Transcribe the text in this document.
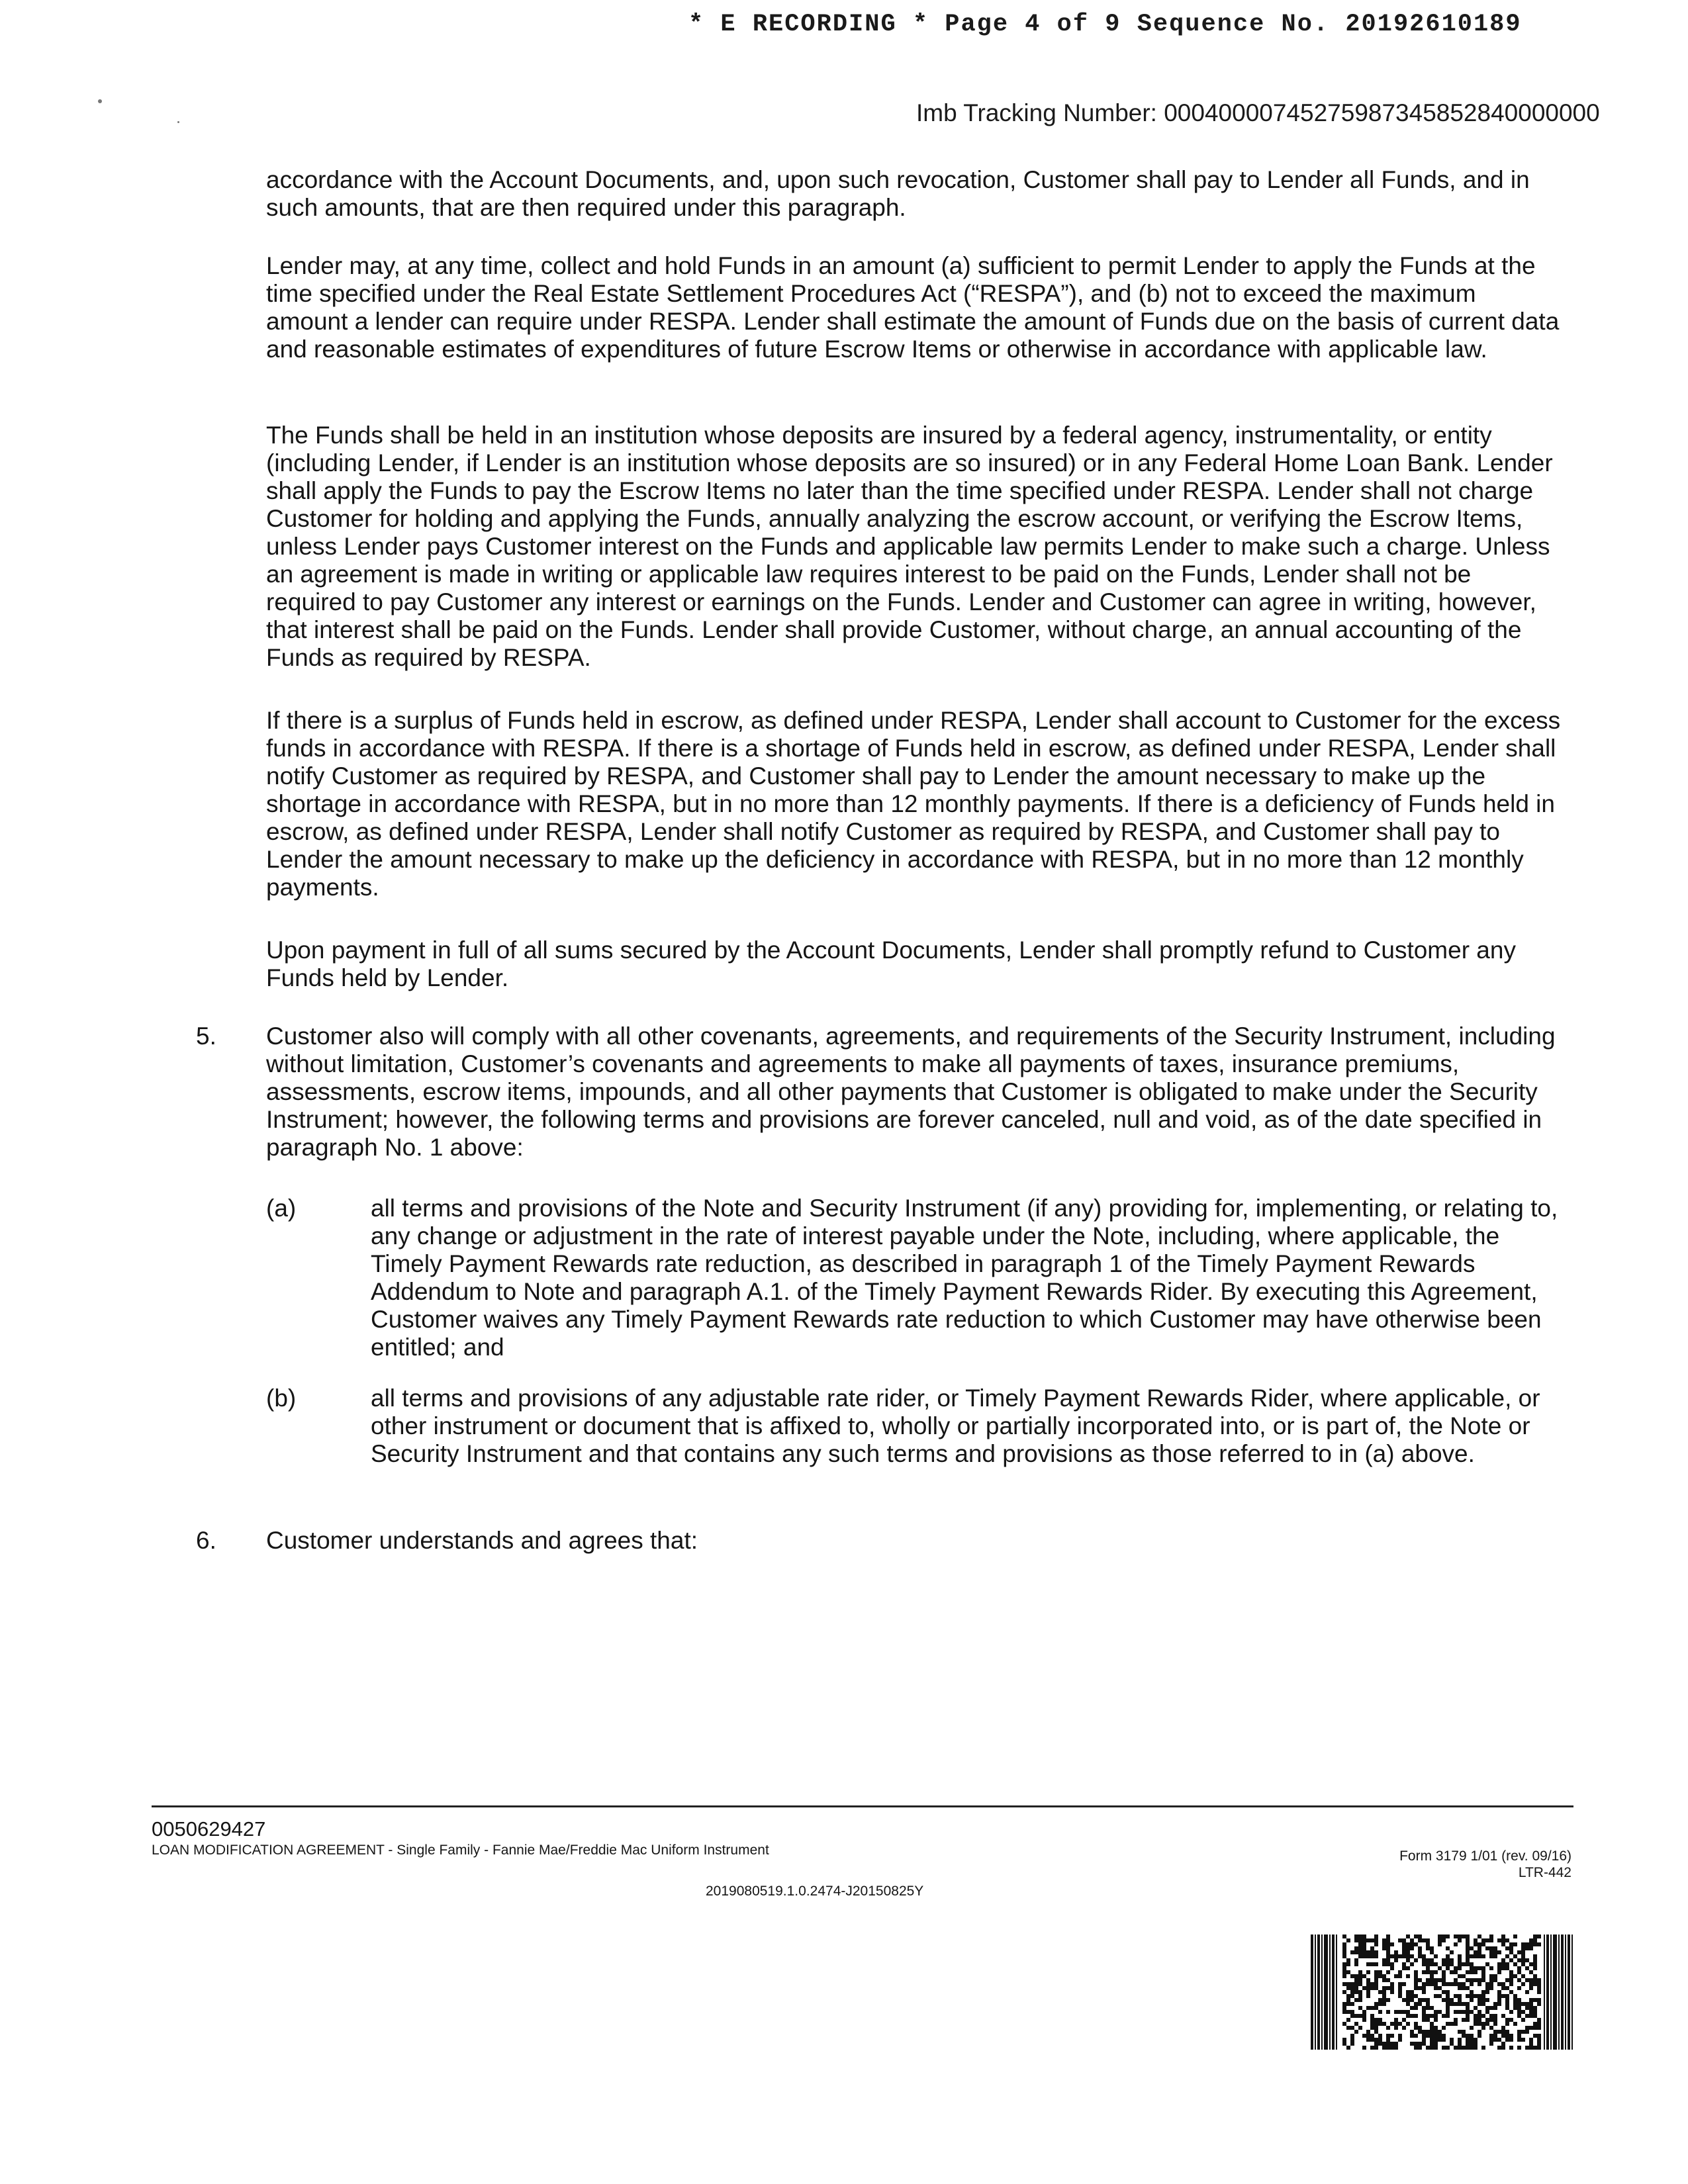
* E RECORDING * Page 4 of 9 Sequence No. 20192610189
Imb Tracking Number: 00040000745275987345852840000000
accordance with the Account Documents, and, upon such revocation, Customer shall pay to Lender all Funds, and in such amounts, that are then required under this paragraph.
Lender may, at any time, collect and hold Funds in an amount (a) sufficient to permit Lender to apply the Funds at the time specified under the Real Estate Settlement Procedures Act (“RESPA”), and (b) not to exceed the maximum amount a lender can require under RESPA. Lender shall estimate the amount of Funds due on the basis of current data and reasonable estimates of expenditures of future Escrow Items or otherwise in accordance with applicable law.
The Funds shall be held in an institution whose deposits are insured by a federal agency, instrumentality, or entity (including Lender, if Lender is an institution whose deposits are so insured) or in any Federal Home Loan Bank. Lender shall apply the Funds to pay the Escrow Items no later than the time specified under RESPA. Lender shall not charge Customer for holding and applying the Funds, annually analyzing the escrow account, or verifying the Escrow Items, unless Lender pays Customer interest on the Funds and applicable law permits Lender to make such a charge. Unless an agreement is made in writing or applicable law requires interest to be paid on the Funds, Lender shall not be required to pay Customer any interest or earnings on the Funds. Lender and Customer can agree in writing, however, that interest shall be paid on the Funds. Lender shall provide Customer, without charge, an annual accounting of the Funds as required by RESPA.
If there is a surplus of Funds held in escrow, as defined under RESPA, Lender shall account to Customer for the excess funds in accordance with RESPA. If there is a shortage of Funds held in escrow, as defined under RESPA, Lender shall notify Customer as required by RESPA, and Customer shall pay to Lender the amount necessary to make up the shortage in accordance with RESPA, but in no more than 12 monthly payments. If there is a deficiency of Funds held in escrow, as defined under RESPA, Lender shall notify Customer as required by RESPA, and Customer shall pay to Lender the amount necessary to make up the deficiency in accordance with RESPA, but in no more than 12 monthly payments.
Upon payment in full of all sums secured by the Account Documents, Lender shall promptly refund to Customer any Funds held by Lender.
5. Customer also will comply with all other covenants, agreements, and requirements of the Security Instrument, including without limitation, Customer’s covenants and agreements to make all payments of taxes, insurance premiums, assessments, escrow items, impounds, and all other payments that Customer is obligated to make under the Security Instrument; however, the following terms and provisions are forever canceled, null and void, as of the date specified in paragraph No. 1 above:
(a)	all terms and provisions of the Note and Security Instrument (if any) providing for, implementing, or relating to, any change or adjustment in the rate of interest payable under the Note, including, where applicable, the Timely Payment Rewards rate reduction, as described in paragraph 1 of the Timely Payment Rewards Addendum to Note and paragraph A.1. of the Timely Payment Rewards Rider. By executing this Agreement, Customer waives any Timely Payment Rewards rate reduction to which Customer may have otherwise been entitled; and
(b)	all terms and provisions of any adjustable rate rider, or Timely Payment Rewards Rider, where applicable, or other instrument or document that is affixed to, wholly or partially incorporated into, or is part of, the Note or Security Instrument and that contains any such terms and provisions as those referred to in (a) above.
6. Customer understands and agrees that:
0050629427
LOAN MODIFICATION AGREEMENT - Single Family - Fannie Mae/Freddie Mac Uniform Instrument	Form 3179 1/01 (rev. 09/16)
LTR-442
2019080519.1.0.2474-J20150825Y
